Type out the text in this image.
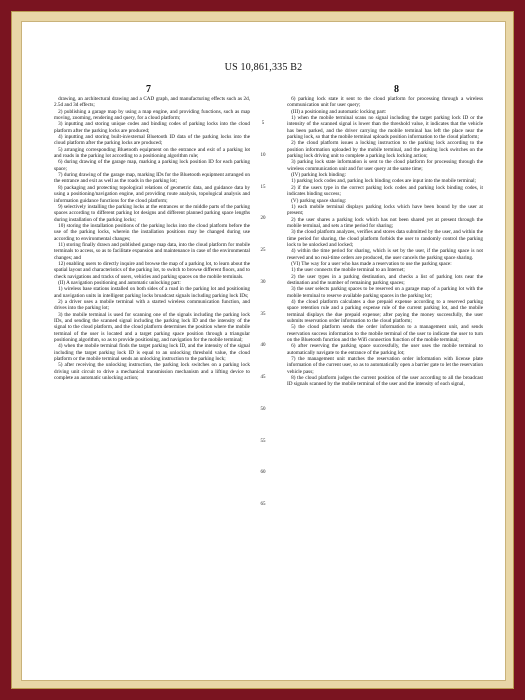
US 10,861,335 B2
7	8

drawing, an architectural drawing and a CAD graph, and manufacturing effects such as 2d, 2.5d and 3d effects;

2) publishing a garage map by using a map engine, and providing functions, such as map moving, zooming, rendering and query, for a cloud platform;

3) inputting and storing unique codes and binding codes of parking locks into the cloud platform after the parking locks are produced;

4) inputting and storing built-in/external Bluetooth ID data of the parking locks into the cloud platform after the parking locks are produced;

5) arranging corresponding Bluetooth equipment on the entrance and exit of a parking lot and roads in the parking lot according to a positioning algorithm rule;

6) during drawing of the garage map, marking a parking lock position ID for each parking space;

7) during drawing of the garage map, marking IDs for the Bluetooth equipment arranged on the entrance and exit as well as the roads in the parking lot;

8) packaging and protecting topological relations of geometric data, and guidance data by using a positioning/navigation engine, and providing route analysis, topological analysis and information guidance functions for the cloud platform;

9) selectively installing the parking locks at the entrances or the middle parts of the parking spaces according to different parking lot designs and different planned parking space lengths during installation of the parking locks;

10) storing the installation positions of the parking locks into the cloud platform before the use of the parking locks, wherein the installation positions may be changed during use according to environmental changes;

11) storing finally drawn and published garage map data, into the cloud platform for mobile terminals to access, so as to facilitate expansion and maintenance in case of the environmental changes; and

12) enabling users to directly inquire and browse the map of a parking lot, to learn about the spatial layout and characteristics of the parking lot, to switch to browse different floors, and to check navigations and tracks of users, vehicles and parking spaces on the mobile terminals.

(II) A navigation positioning and automatic unlocking part:

1) wireless base stations installed on both sides of a road in the parking lot and positioning and navigation units in intelligent parking locks broadcast signals including parking lock IDs;

2) a driver uses a mobile terminal with a started wireless communication function, and drives into the parking lot;

3) the mobile terminal is used for scanning one of the signals including the parking lock IDs, and sending the scanned signal including the parking lock ID and the intensity of the signal to the cloud platform, and the cloud platform determines the position where the mobile terminal of the user is located and a target parking space position through a triangular positioning algorithm, so as to provide positioning, and navigation for the mobile terminal;

4) when the mobile terminal finds the target parking lock ID, and the intensity of the signal including the target parking lock ID is equal to an unlocking threshold value, the cloud platform or the mobile terminal sends an unlocking instruction to the parking lock;

5) after receiving the unlocking instruction, the parking lock switches on a parking lock driving unit circuit to drive a mechanical transmission mechanism and a lifting device to complete an automatic unlocking action;

5
10
15
20
25
30
35
40
45
50
55
60
65

6) parking lock state it sent to the cloud platform for processing through a wireless communication unit for user query;

(III) a positioning and automatic locking part:

1) when the mobile terminal scans no signal including the target parking lock ID or the intensity of the scanned signal is lower than the threshold value, it indicates that the vehicle has been parked, and the driver carrying the mobile terminal has left the place near the parking lock, so that the mobile terminal uploads position information to the cloud platform;

2) the cloud platform issues a locking instruction to the parking lock according to the position information uploaded by the mobile terminal, and the parking lock switches on the parking lock driving unit to complete a parking lock locking action;

3) parking lock state information is sent to the cloud platform for processing through the wireless communication unit and for user query at the same time;

(IV) parking lock binding:

1) parking lock codes and, parking lock binding codes are input into the mobile terminal;

2) if the users type in the correct parking lock codes and parking lock binding codes, it indicates binding success;

(V) parking space sharing:

1) each mobile terminal displays parking locks which have been bound by the user at present;

2) the user shares a parking lock which has not been shared yet at present through the mobile terminal, and sets a time period for sharing;

3) the cloud platform analyzes, verifies and stores data submitted by the user, and within the time period for sharing, the cloud platform forbids the user to randomly control the parking lock to be unlocked and locked;

4) within the time period for sharing, which is set by the user, if the parking space is not reserved and no real-time orders are produced, the user cancels the parking space sharing.

(VI) The way for a user who has made a reservation to use the parking space:

1) the user connects the mobile terminal to an Internet;

2) the user types in a parking destination, and checks a list of parking lots near the destination and the number of remaining parking spaces;

3) the user selects parking spaces to be reserved on a garage map of a parking lot with the mobile terminal to reserve available parking spaces in the parking lot;

4) the cloud platform calculates a due prepaid expense according to a reserved parking space retention rule and a parking expense rule of the current parking lot, and the mobile terminal displays the due prepaid expense; after paying the money successfully, the user submits reservation order information to the cloud platform;

5) the cloud platform sends the order information to a management unit, and sends reservation success information to the mobile terminal of the user to indicate the user to turn on the Bluetooth function and the Wifi connection function of the mobile terminal;

6) after reserving the parking space successfully, the user uses the mobile terminal to automatically navigate to the entrance of the parking lot;

7) the management unit matches the reservation order information with license plate information of the current user, so as to automatically open a barrier gate to let the reservation vehicle pass;

8) the cloud platform judges the current position of the user according to all the broadcast ID signals scanned by the mobile terminal of the user and the intensity of each signal,
